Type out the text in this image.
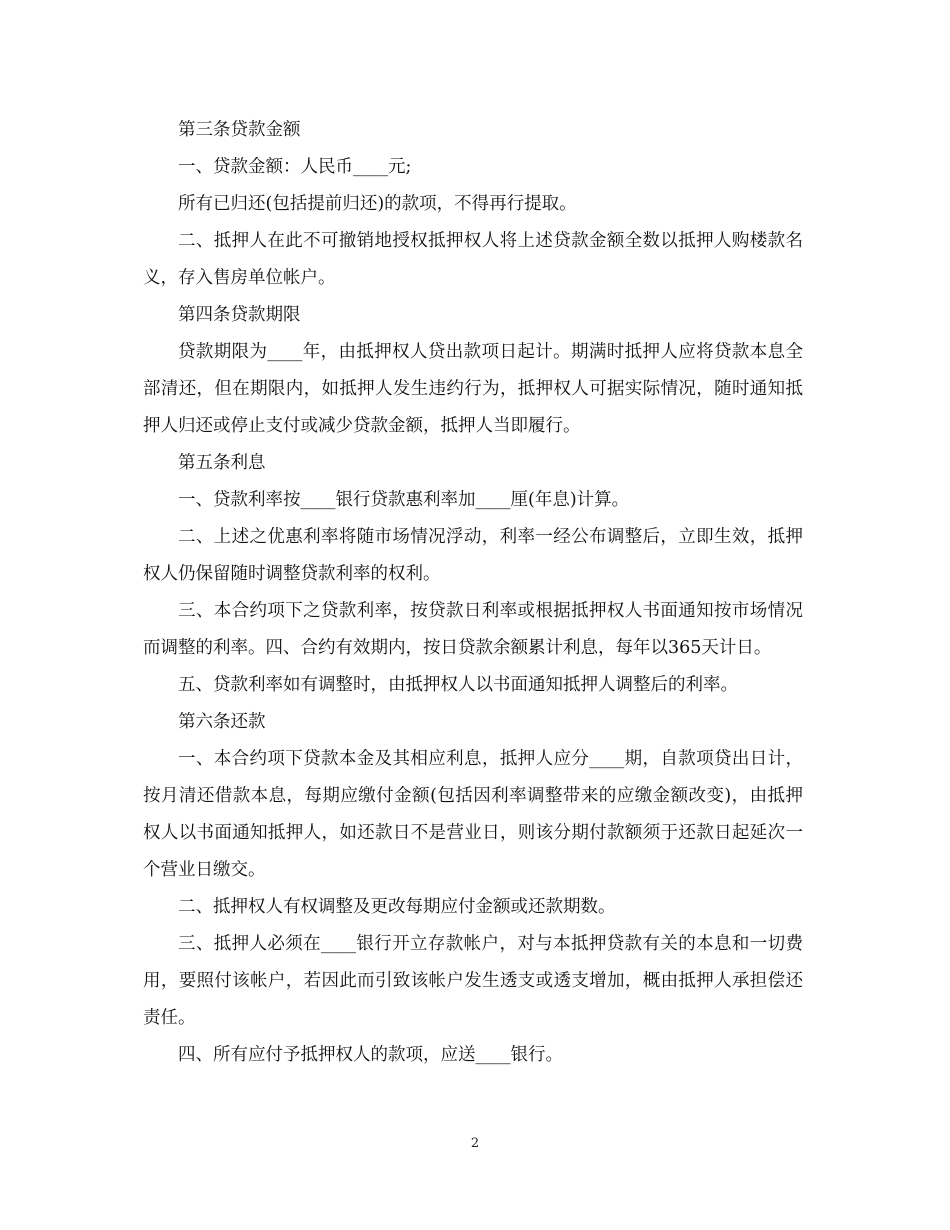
第三条贷款金额

一、贷款金额：人民币____元;

所有已归还(包括提前归还)的款项，不得再行提取。

二、抵押人在此不可撤销地授权抵押权人将上述贷款金额全数以抵押人购楼款名义，存入售房单位帐户。

第四条贷款期限

贷款期限为____年，由抵押权人贷出款项日起计。期满时抵押人应将贷款本息全部清还，但在期限内，如抵押人发生违约行为，抵押权人可据实际情况，随时通知抵押人归还或停止支付或减少贷款金额，抵押人当即履行。

第五条利息

一、贷款利率按____银行贷款惠利率加____厘(年息)计算。

二、上述之优惠利率将随市场情况浮动，利率一经公布调整后，立即生效，抵押权人仍保留随时调整贷款利率的权利。

三、本合约项下之贷款利率，按贷款日利率或根据抵押权人书面通知按市场情况而调整的利率。四、合约有效期内，按日贷款余额累计利息，每年以365天计日。

五、贷款利率如有调整时，由抵押权人以书面通知抵押人调整后的利率。

第六条还款

一、本合约项下贷款本金及其相应利息，抵押人应分____期，自款项贷出日计，按月清还借款本息，每期应缴付金额(包括因利率调整带来的应缴金额改变)，由抵押权人以书面通知抵押人，如还款日不是营业日，则该分期付款额须于还款日起延次一个营业日缴交。

二、抵押权人有权调整及更改每期应付金额或还款期数。

三、抵押人必须在____银行开立存款帐户，对与本抵押贷款有关的本息和一切费用，要照付该帐户，若因此而引致该帐户发生透支或透支增加，概由抵押人承担偿还责任。

四、所有应付予抵押权人的款项，应送____银行。

2
